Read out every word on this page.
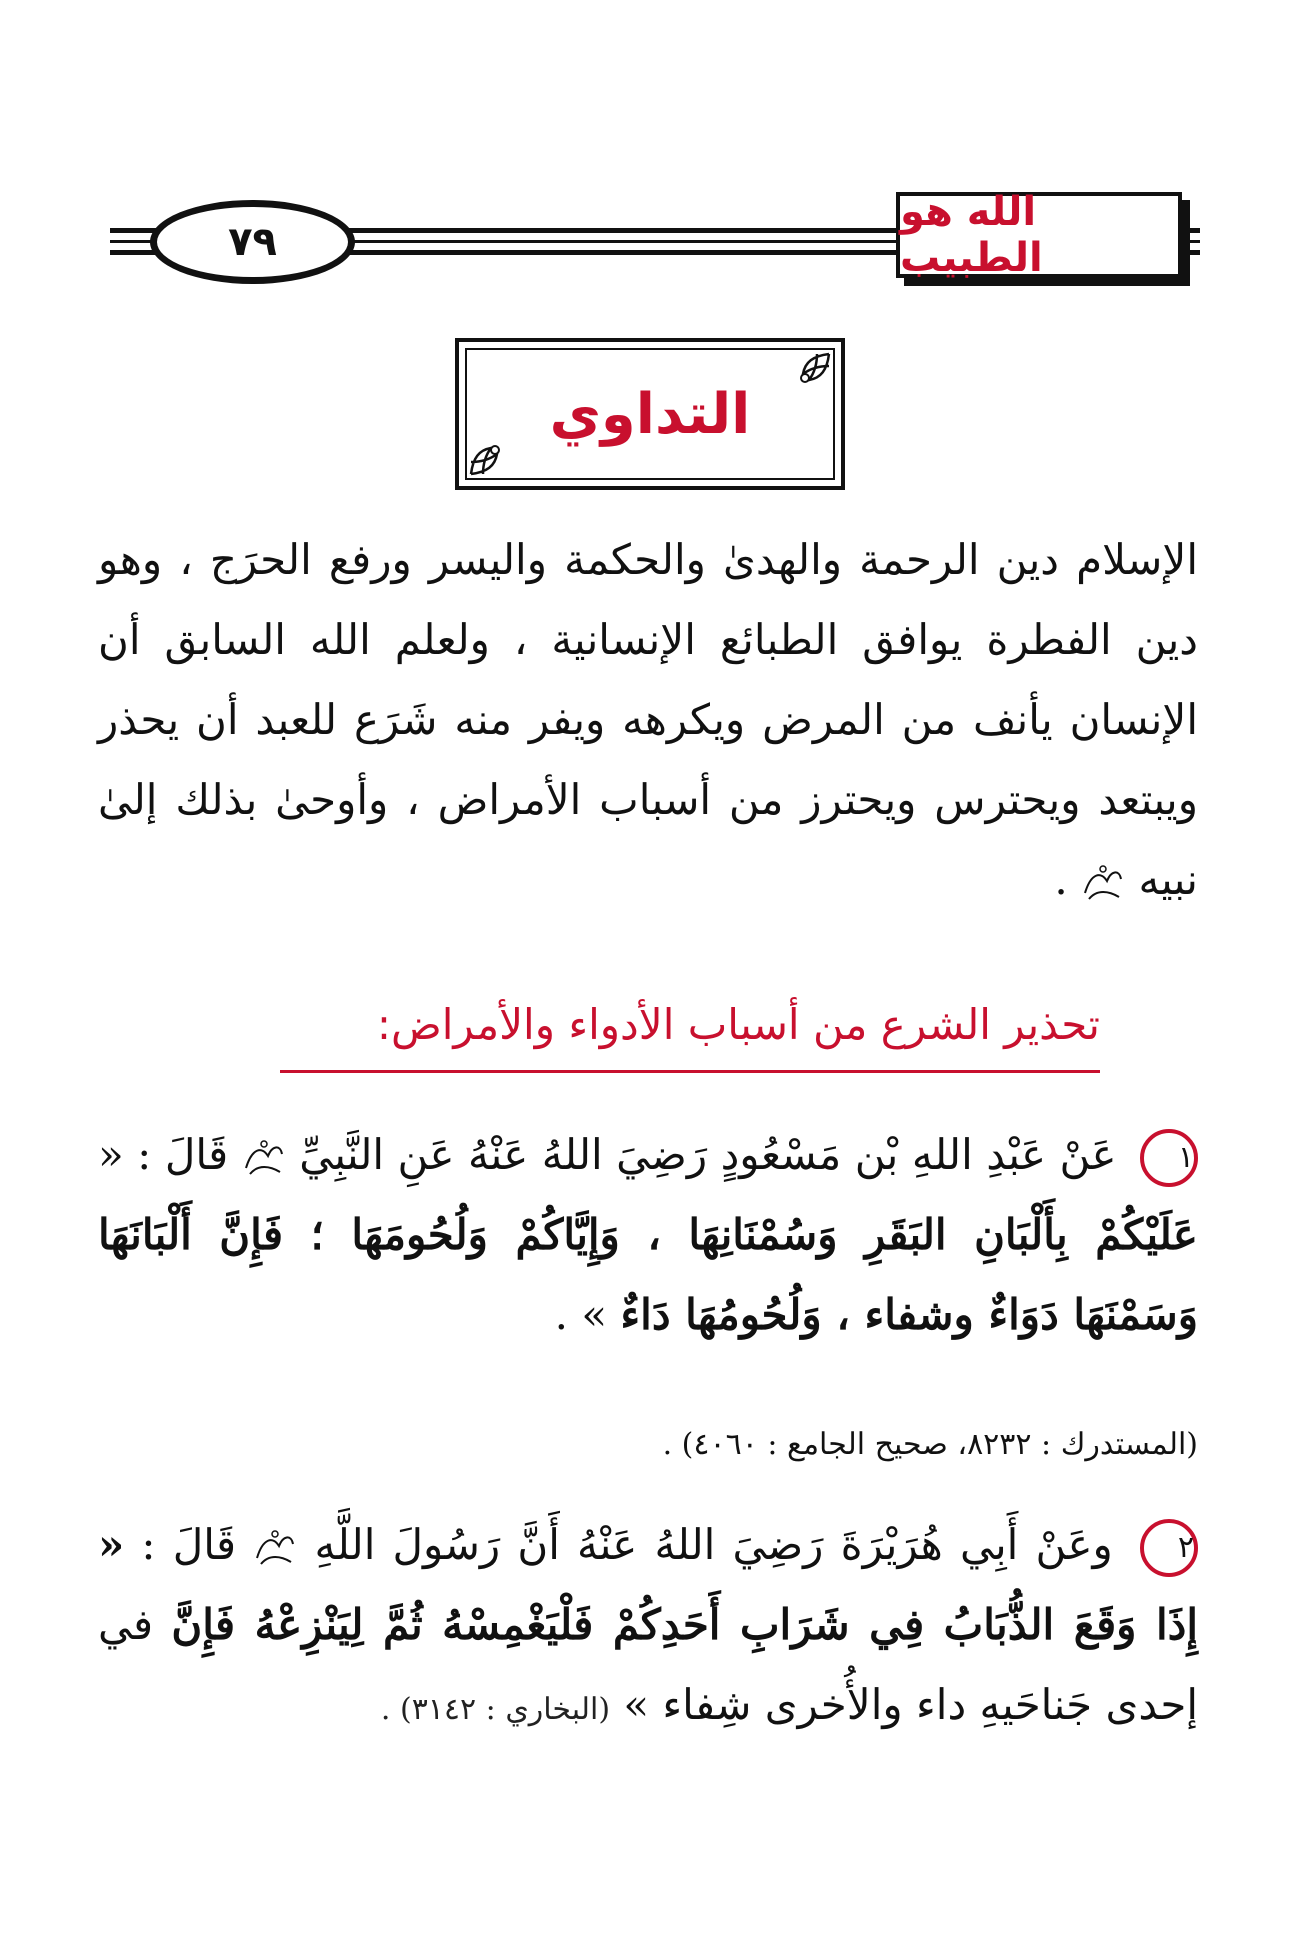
٧٩
الله هو الطبيب
التداوي
الإسلام دين الرحمة والهدىٰ والحكمة واليسر ورفع الحرَج ، وهو دين الفطرة يوافق الطبائع الإنسانية ، ولعلم الله السابق أن الإنسان يأنف من المرض ويكرهه ويفر منه شَرَع للعبد أن يحذر ويبتعد ويحترس ويحترز من أسباب الأمراض ، وأوحىٰ بذلك إلىٰ نبيه  .
تحذير الشرع من أسباب الأدواء والأمراض:
١ عَنْ عَبْدِ اللهِ بْن مَسْعُودٍ رَضِيَ اللهُ عَنْهُ عَنِ النَّبِيِّ  قَالَ : « عَلَيْكُمْ بِأَلْبَانِ البَقَرِ وَسُمْنَانِهَا ، وَإِيَّاكُمْ وَلُحُومَهَا ؛ فَإِنَّ أَلْبَانَهَا وَسَمْنَهَا دَوَاءٌ وشفاء ، وَلُحُومُهَا دَاءٌ » .
(المستدرك : ٨٢٣٢، صحيح الجامع : ٤٠٦٠) .
٢ وعَنْ أَبِي هُرَيْرَةَ رَضِيَ اللهُ عَنْهُ أَنَّ رَسُولَ اللَّهِ  قَالَ : « إِذَا وَقَعَ الذُّبَابُ فِي شَرَابِ أَحَدِكُمْ فَلْيَغْمِسْهُ ثُمَّ لِيَنْزِعْهُ فَإِنَّ في إحدى جَناحَيهِ داء والأُخرى شِفاء » (البخاري : ٣١٤٢) .
